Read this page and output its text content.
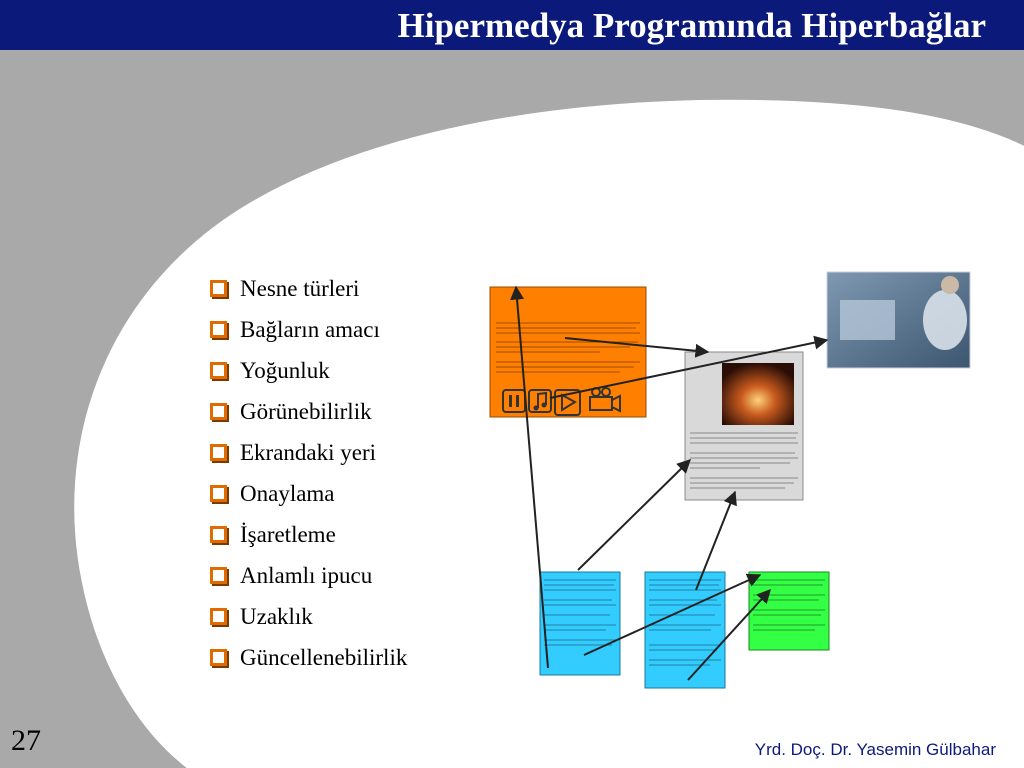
Hipermedya Programında Hiperbağlar
Nesne türleri
Bağların amacı
Yoğunluk
Görünebilirlik
Ekrandaki yeri
Onaylama
İşaretleme
Anlamlı ipucu
Uzaklık
Güncellenebilirlik
27	Yrd. Doç. Dr. Yasemin Gülbahar
